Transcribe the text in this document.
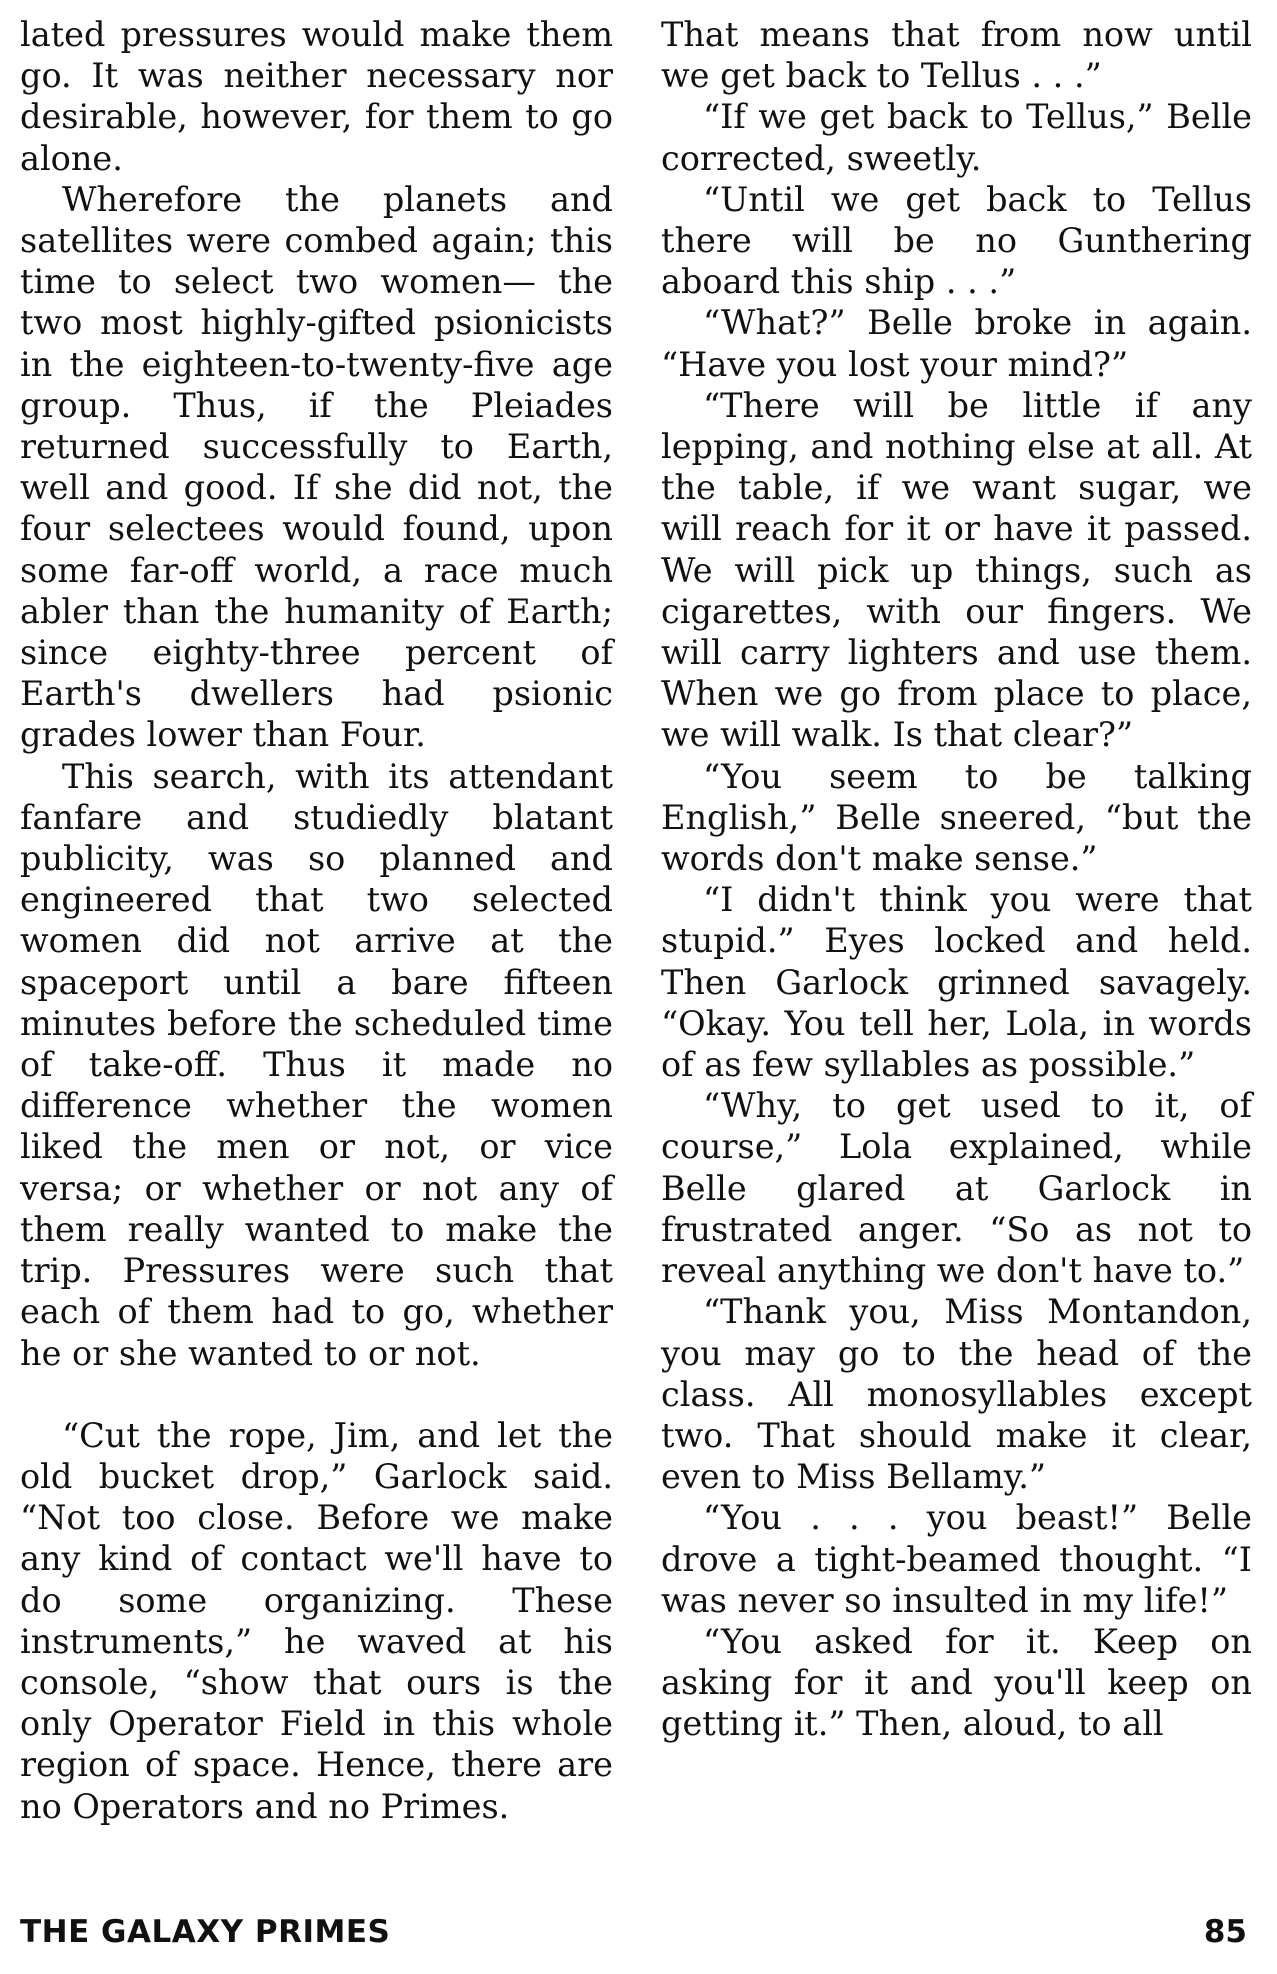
lated pressures would make them go. It was neither necessary nor desirable, however, for them to go alone.

Wherefore the planets and satellites were combed again; this time to select two women— the two most highly-gifted psionicists in the eighteen-to-twenty-five age group. Thus, if the Pleiades returned successfully to Earth, well and good. If she did not, the four selectees would found, upon some far-off world, a race much abler than the humanity of Earth; since eighty-three percent of Earth's dwellers had psionic grades lower than Four.

This search, with its attendant fanfare and studiedly blatant publicity, was so planned and engineered that two selected women did not arrive at the spaceport until a bare fifteen minutes before the scheduled time of take-off. Thus it made no difference whether the women liked the men or not, or vice versa; or whether or not any of them really wanted to make the trip. Pressures were such that each of them had to go, whether he or she wanted to or not.

“Cut the rope, Jim, and let the old bucket drop,” Garlock said. “Not too close. Before we make any kind of contact we'll have to do some organizing. These instruments,” he waved at his console, “show that ours is the only Operator Field in this whole region of space. Hence, there are no Operators and no Primes.

That means that from now until we get back to Tellus . . .”

“If we get back to Tellus,” Belle corrected, sweetly.

“Until we get back to Tellus there will be no Gunthering aboard this ship . . .”

“What?” Belle broke in again. “Have you lost your mind?”

“There will be little if any lepping, and nothing else at all. At the table, if we want sugar, we will reach for it or have it passed. We will pick up things, such as cigarettes, with our fingers. We will carry lighters and use them. When we go from place to place, we will walk. Is that clear?”

“You seem to be talking English,” Belle sneered, “but the words don't make sense.”

“I didn't think you were that stupid.” Eyes locked and held. Then Garlock grinned savagely. “Okay. You tell her, Lola, in words of as few syllables as possible.”

“Why, to get used to it, of course,” Lola explained, while Belle glared at Garlock in frustrated anger. “So as not to reveal anything we don't have to.”

“Thank you, Miss Montandon, you may go to the head of the class. All monosyllables except two. That should make it clear, even to Miss Bellamy.”

“You . . . you beast!” Belle drove a tight-beamed thought. “I was never so insulted in my life!”

“You asked for it. Keep on asking for it and you'll keep on getting it.” Then, aloud, to all

THE GALAXY PRIMES	85
